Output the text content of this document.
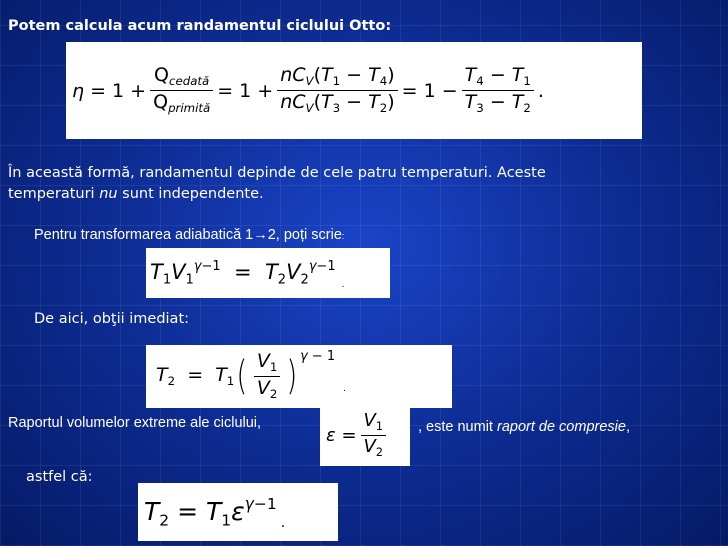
Potem calcula acum randamentul ciclului Otto:
$\eta = 1 + \frac{Q_{cedată}}{Q_{primită}} = 1 + \frac{nC_V(T_1 - T_4)}{nC_V(T_3 - T_2)} = 1 - \frac{T_4 - T_1}{T_3 - T_2}$ .
În această formă, randamentul depinde de cele patru temperaturi. Aceste
temperaturi nu sunt independente.
Pentru transformarea adiabatică 1→2, poți scrie:
$T_1V_1^{\gamma-1} = T_2V_2^{\gamma-1}$
.
De aici, obţii imediat:
$T_2 = T_1$ ( $\frac{V_1}{V_2}$ ) γ − 1
.
Raportul volumelor extreme ale ciclului,
$\varepsilon = \frac{V_1}{V_2}$ , este numit raport de compresie,
astfel că:
$T_2 = T_1\varepsilon^{\gamma-1}$
.
